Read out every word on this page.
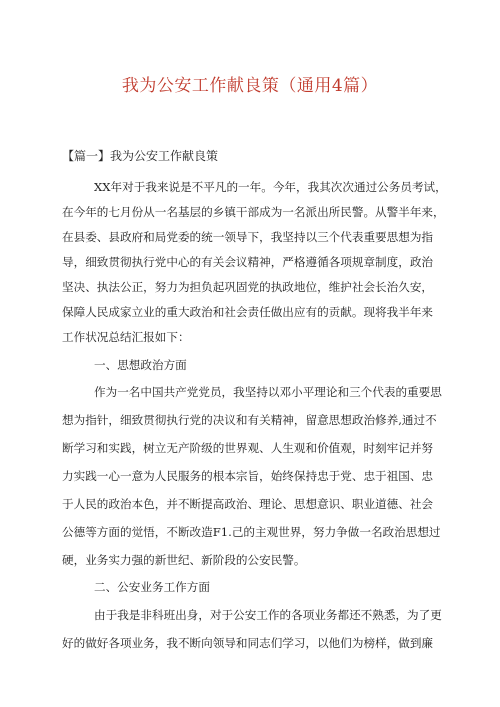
我为公安工作献良策（通用4篇）
【篇一】我为公安工作献良策
XX年对于我来说是不平凡的一年。今年，我其次次通过公务员考试，
在今年的七月份从一名基层的乡镇干部成为一名派出所民警。从警半年来，
在县委、县政府和局党委的统一领导下，我坚持以三个代表重要思想为指
导，细致贯彻执行党中心的有关会议精神，严格遵循各项规章制度，政治
坚决、执法公正，努力为担负起巩固党的执政地位，维护社会长治久安，
保障人民成家立业的重大政治和社会责任做出应有的贡献。现将我半年来
工作状况总结汇报如下：
一、思想政治方面
作为一名中国共产党党员，我坚持以邓小平理论和三个代表的重要思
想为指针，细致贯彻执行党的决议和有关精神，留意思想政治修养,通过不
断学习和实践，树立无产阶级的世界观、人生观和价值观，时刻牢记并努
力实践一心一意为人民服务的根本宗旨，始终保持忠于党、忠于祖国、忠
于人民的政治本色，并不断提高政治、理论、思想意识、职业道德、社会
公德等方面的觉悟，不断改造F1.己的主观世界，努力争做一名政治思想过
硬，业务实力强的新世纪、新阶段的公安民警。
二、公安业务工作方面
由于我是非科班出身，对于公安工作的各项业务都还不熟悉，为了更
好的做好各项业务，我不断向领导和同志们学习，以他们为榜样，做到廉
